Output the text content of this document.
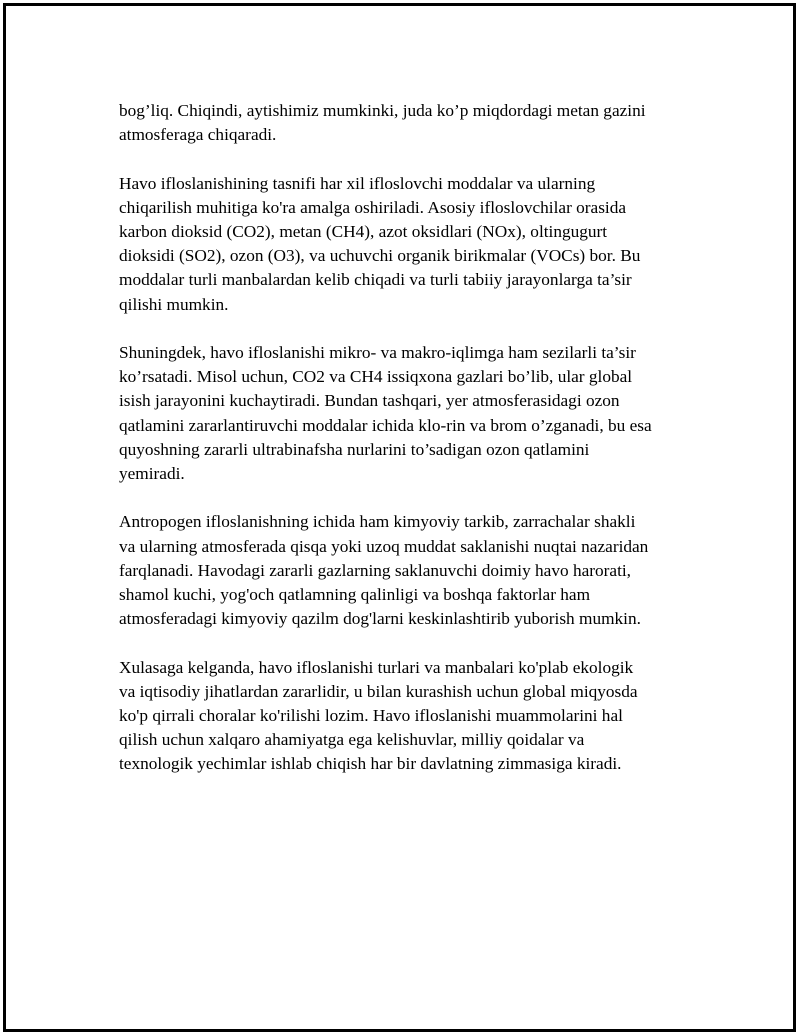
bog’liq. Chiqindi, aytishimiz mumkinki, juda ko’p miqdordagi metan gazini
atmosferaga chiqaradi.

Havo ifloslanishining tasnifi har xil ifloslovchi moddalar va ularning
chiqarilish muhitiga ko'ra amalga oshiriladi. Asosiy ifloslovchilar orasida
karbon dioksid (CO2), metan (CH4), azot oksidlari (NOx), oltingugurt
dioksidi (SO2), ozon (O3), va uchuvchi organik birikmalar (VOCs) bor. Bu
moddalar turli manbalardan kelib chiqadi va turli tabiiy jarayonlarga ta’sir
qilishi mumkin.

Shuningdek, havo ifloslanishi mikro- va makro-iqlimga ham sezilarli ta’sir
ko’rsatadi. Misol uchun, CO2 va CH4 issiqxona gazlari bo’lib, ular global
isish jarayonini kuchaytiradi. Bundan tashqari, yer atmosferasidagi ozon
qatlamini zararlantiruvchi moddalar ichida klo-rin va brom o’zganadi, bu esa
quyoshning zararli ultrabinafsha nurlarini to’sadigan ozon qatlamini
yemiradi.

Antropogen ifloslanishning ichida ham kimyoviy tarkib, zarrachalar shakli
va ularning atmosferada qisqa yoki uzoq muddat saklanishi nuqtai nazaridan
farqlanadi. Havodagi zararli gazlarning saklanuvchi doimiy havo harorati,
shamol kuchi, yog'och qatlamning qalinligi va boshqa faktorlar ham
atmosferadagi kimyoviy qazilm dog'larni keskinlashtirib yuborish mumkin.

Xulasaga kelganda, havo ifloslanishi turlari va manbalari ko'plab ekologik
va iqtisodiy jihatlardan zararlidir, u bilan kurashish uchun global miqyosda
ko'p qirrali choralar ko'rilishi lozim. Havo ifloslanishi muammolarini hal
qilish uchun xalqaro ahamiyatga ega kelishuvlar, milliy qoidalar va
texnologik yechimlar ishlab chiqish har bir davlatning zimmasiga kiradi.
